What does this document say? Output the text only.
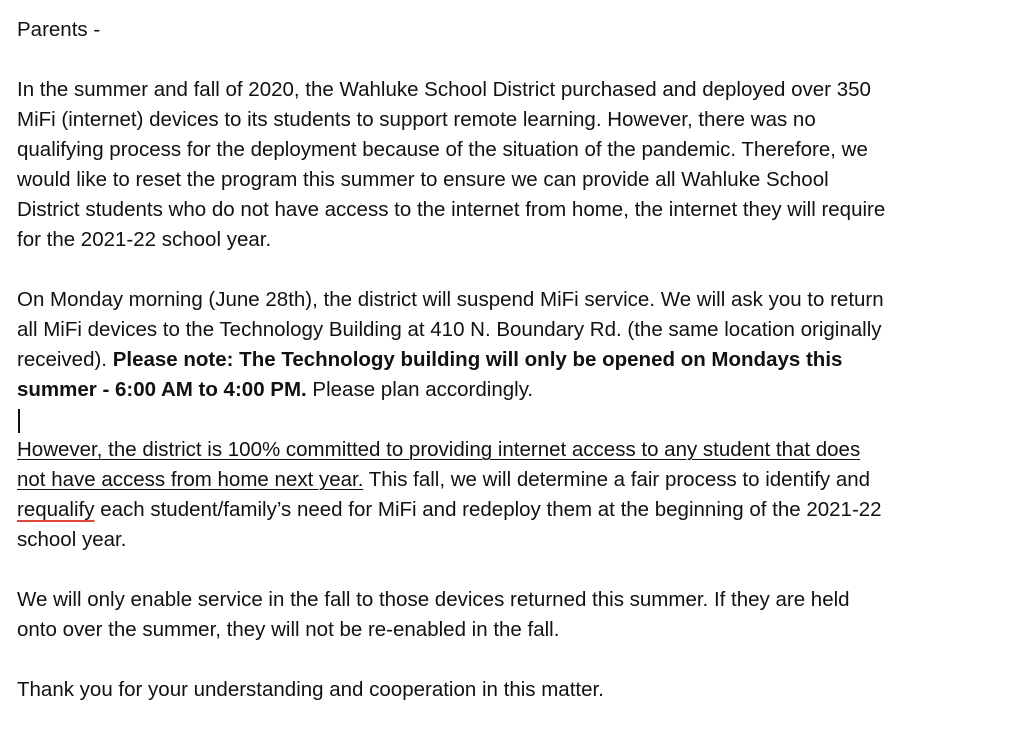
Parents -

In the summer and fall of 2020, the Wahluke School District purchased and deployed over 350

MiFi (internet) devices to its students to support remote learning. However, there was no

qualifying process for the deployment because of the situation of the pandemic. Therefore, we

would like to reset the program this summer to ensure we can provide all Wahluke School

District students who do not have access to the internet from home, the internet they will require

for the 2021-22 school year.

On Monday morning (June 28th), the district will suspend MiFi service. We will ask you to return

all MiFi devices to the Technology Building at 410 N. Boundary Rd. (the same location originally

received). Please note: The Technology building will only be opened on Mondays this

summer - 6:00 AM to 4:00 PM. Please plan accordingly.

However, the district is 100% committed to providing internet access to any student that does

not have access from home next year. This fall, we will determine a fair process to identify and

requalify each student/family’s need for MiFi and redeploy them at the beginning of the 2021-22

school year.

We will only enable service in the fall to those devices returned this summer. If they are held

onto over the summer, they will not be re-enabled in the fall.

Thank you for your understanding and cooperation in this matter.
